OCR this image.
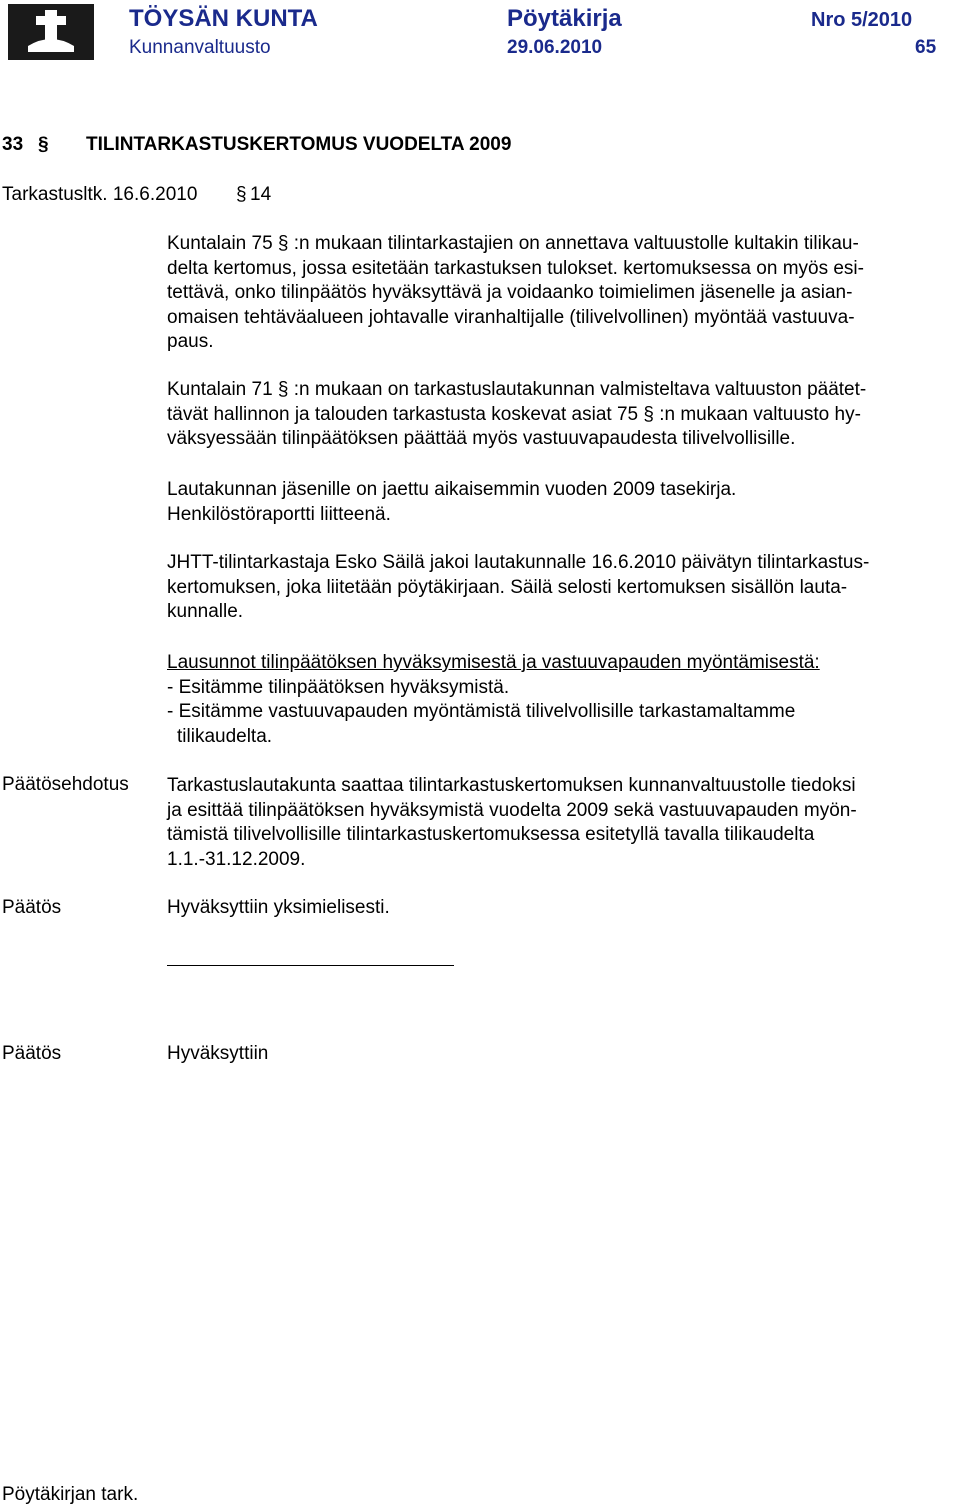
TÖYSÄN KUNTA	Pöytäkirja	Nro 5/2010
Kunnanvaltuusto	29.06.2010	65
33 § TILINTARKASTUSKERTOMUS VUODELTA 2009
Tarkastusltk. 16.6.2010 § 14

Kuntalain 75 § :n mukaan tilintarkastajien on annettava valtuustolle kultakin tilikau-

delta kertomus, jossa esitetään tarkastuksen tulokset. kertomuksessa on myös esi-

tettävä, onko tilinpäätös hyväksyttävä ja voidaanko toimielimen jäsenelle ja asian-

omaisen tehtäväalueen johtavalle viranhaltijalle (tilivelvollinen) myöntää vastuuva-

paus.

Kuntalain 71 § :n mukaan on tarkastuslautakunnan valmisteltava valtuuston päätet-

tävät hallinnon ja talouden tarkastusta koskevat asiat 75 § :n mukaan valtuusto hy-

väksyessään tilinpäätöksen päättää myös vastuuvapaudesta tilivelvollisille.

Lautakunnan jäsenille on jaettu aikaisemmin vuoden 2009 tasekirja.

Henkilöstöraportti liitteenä.

JHTT-tilintarkastaja Esko Säilä jakoi lautakunnalle 16.6.2010 päivätyn tilintarkastus-

kertomuksen, joka liitetään pöytäkirjaan. Säilä selosti kertomuksen sisällön lauta-

kunnalle.

Lausunnot tilinpäätöksen hyväksymisestä ja vastuuvapauden myöntämisestä:

- Esitämme tilinpäätöksen hyväksymistä.

- Esitämme vastuuvapauden myöntämistä tilivelvollisille tarkastamaltamme

tilikaudelta.

Päätösehdotus Tarkastuslautakunta saattaa tilintarkastuskertomuksen kunnanvaltuustolle tiedoksi

ja esittää tilinpäätöksen hyväksymistä vuodelta 2009 sekä vastuuvapauden myön-

tämistä tilivelvollisille tilintarkastuskertomuksessa esitetyllä tavalla tilikaudelta

1.1.-31.12.2009.

Päätös	Hyväksyttiin yksimielisesti.
Päätös	Hyväksyttiin
Pöytäkirjan tark.
